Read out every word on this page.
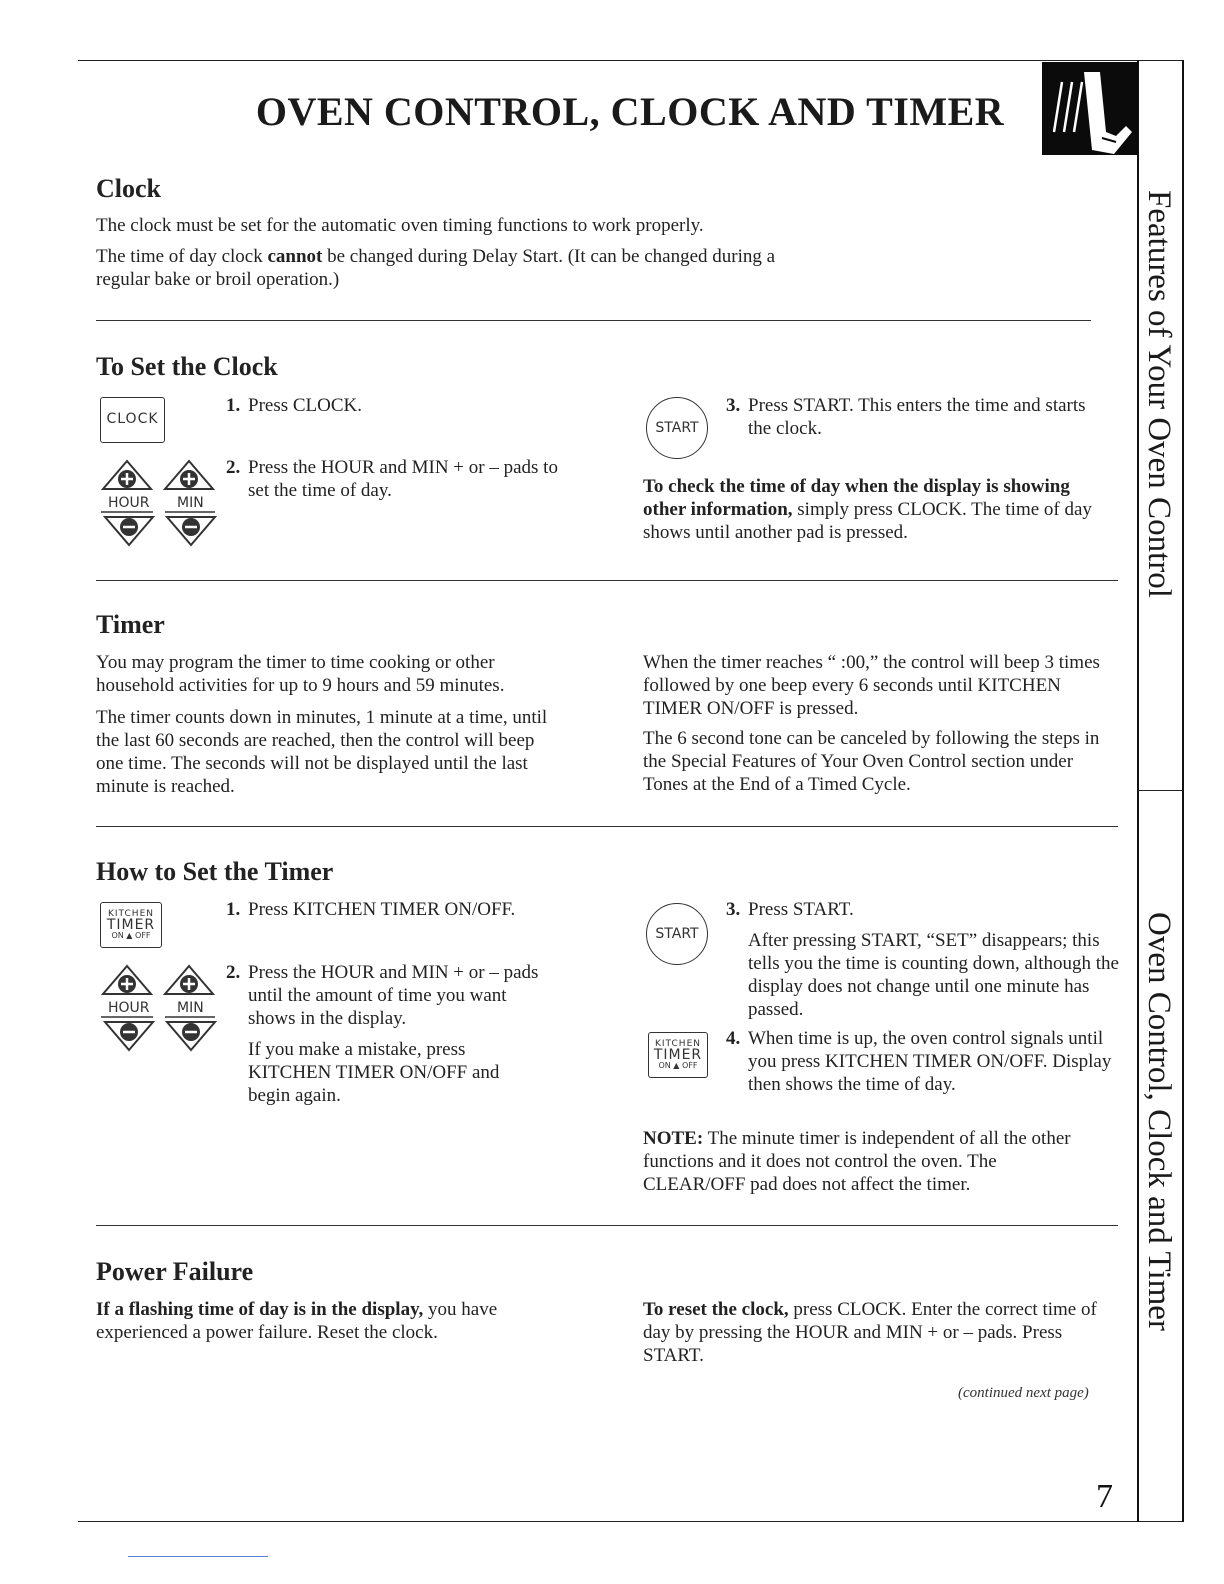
OVEN CONTROL, CLOCK AND TIMER
Features of Your Oven Control
Oven Control, Clock and Timer
Clock

The clock must be set for the automatic oven timing functions to work properly.

The time of day clock cannot be changed during Delay Start. (It can be changed during a regular bake or broil operation.)

To Set the Clock
CLOCK
1. Press CLOCK.
HOUR MIN
2. Press the HOUR and MIN + or – pads to set the time of day.
START
3. Press START. This enters the time and starts the clock.

To check the time of day when the display is showing other information, simply press CLOCK. The time of day shows until another pad is pressed.

Timer

You may program the timer to time cooking or other household activities for up to 9 hours and 59 minutes.

The timer counts down in minutes, 1 minute at a time, until the last 60 seconds are reached, then the control will beep one time. The seconds will not be displayed until the last minute is reached.

When the timer reaches “ :00,” the control will beep 3 times followed by one beep every 6 seconds until KITCHEN TIMER ON/OFF is pressed.

The 6 second tone can be canceled by following the steps in the Special Features of Your Oven Control section under Tones at the End of a Timed Cycle.

How to Set the Timer
KITCHEN
TIMER
ON ▲ OFF
1. Press KITCHEN TIMER ON/OFF.
HOUR MIN
2. Press the HOUR and MIN + or – pads until the amount of time you want shows in the display.
If you make a mistake, press KITCHEN TIMER ON/OFF and begin again.
START
3. Press START.
After pressing START, “SET” disappears; this tells you the time is counting down, although the display does not change until one minute has passed.
KITCHEN
TIMER
ON ▲ OFF
4. When time is up, the oven control signals until you press KITCHEN TIMER ON/OFF. Display then shows the time of day.

NOTE: The minute timer is independent of all the other functions and it does not control the oven. The CLEAR/OFF pad does not affect the timer.

Power Failure

If a flashing time of day is in the display, you have experienced a power failure. Reset the clock.

To reset the clock, press CLOCK. Enter the correct time of day by pressing the HOUR and MIN + or – pads. Press START.

(continued next page)
7
